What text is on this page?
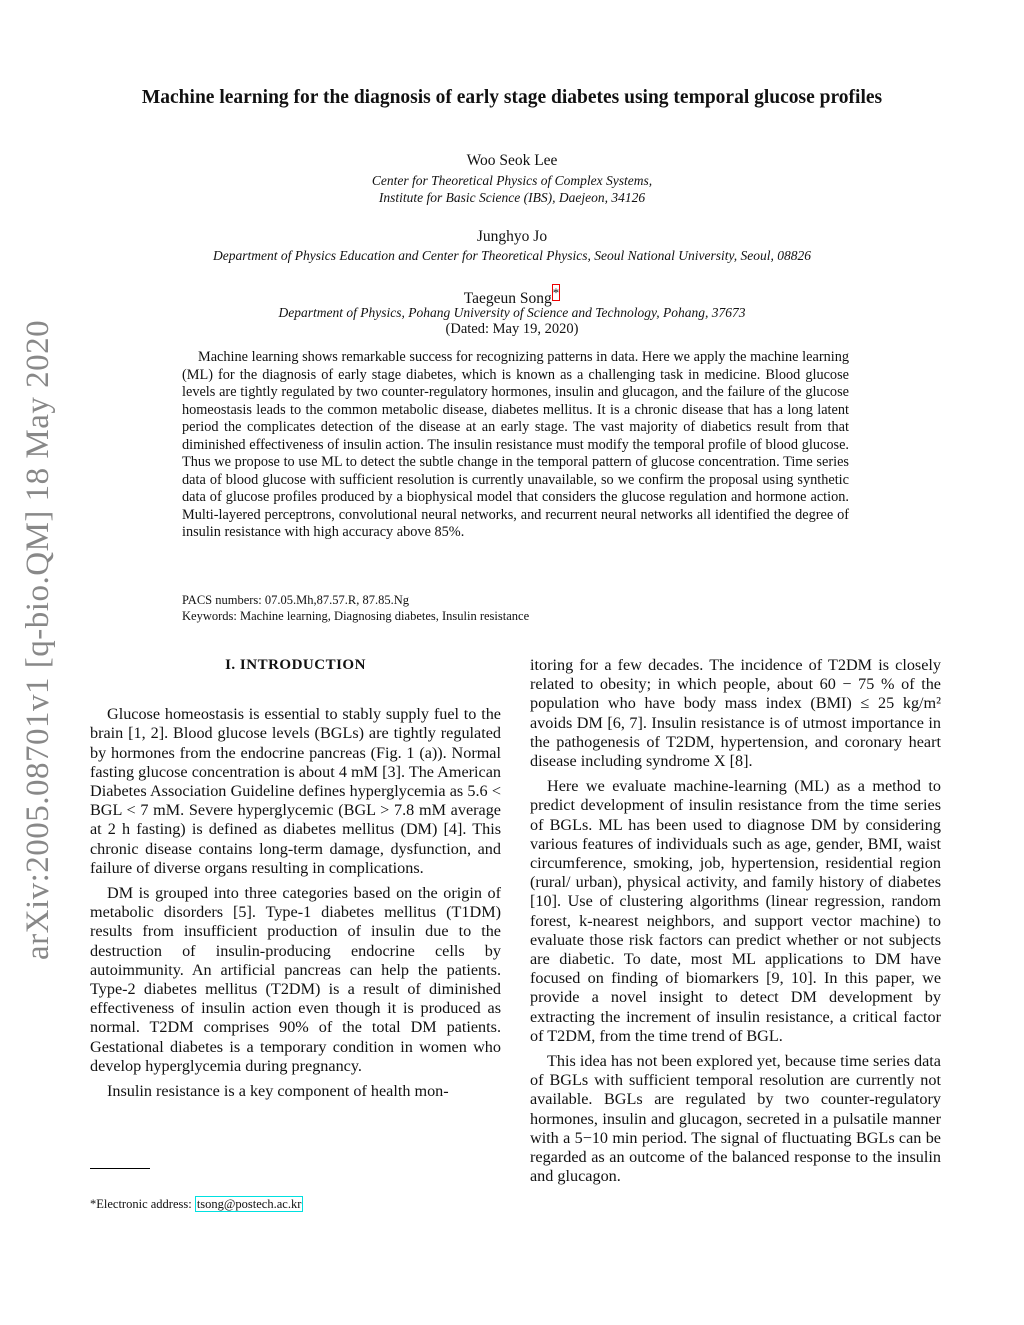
arXiv:2005.08701v1 [q-bio.QM] 18 May 2020
Machine learning for the diagnosis of early stage diabetes using temporal glucose profiles
Woo Seok Lee
Center for Theoretical Physics of Complex Systems,
Institute for Basic Science (IBS), Daejeon, 34126
Junghyo Jo
Department of Physics Education and Center for Theoretical Physics, Seoul National University, Seoul, 08826
Taegeun Song*
Department of Physics, Pohang University of Science and Technology, Pohang, 37673
(Dated: May 19, 2020)
Machine learning shows remarkable success for recognizing patterns in data. Here we apply the machine learning (ML) for the diagnosis of early stage diabetes, which is known as a challenging task in medicine. Blood glucose levels are tightly regulated by two counter-regulatory hormones, insulin and glucagon, and the failure of the glucose homeostasis leads to the common metabolic disease, diabetes mellitus. It is a chronic disease that has a long latent period the complicates detection of the disease at an early stage. The vast majority of diabetics result from that diminished effectiveness of insulin action. The insulin resistance must modify the temporal profile of blood glucose. Thus we propose to use ML to detect the subtle change in the temporal pattern of glucose concentration. Time series data of blood glucose with sufficient resolution is currently unavailable, so we confirm the proposal using synthetic data of glucose profiles produced by a biophysical model that considers the glucose regulation and hormone action. Multi-layered perceptrons, convolutional neural networks, and recurrent neural networks all identified the degree of insulin resistance with high accuracy above 85%.
PACS numbers: 07.05.Mh,87.57.R, 87.85.Ng
Keywords: Machine learning, Diagnosing diabetes, Insulin resistance
I. INTRODUCTION

Glucose homeostasis is essential to stably supply fuel to the brain [1, 2]. Blood glucose levels (BGLs) are tightly regulated by hormones from the endocrine pancreas (Fig. 1 (a)). Normal fasting glucose concentration is about 4 mM [3]. The American Diabetes Association Guideline defines hyperglycemia as 5.6 < BGL < 7 mM. Severe hyperglycemic (BGL > 7.8 mM average at 2 h fasting) is defined as diabetes mellitus (DM) [4]. This chronic disease contains long-term damage, dysfunction, and failure of diverse organs resulting in complications.

DM is grouped into three categories based on the origin of metabolic disorders [5]. Type-1 diabetes mellitus (T1DM) results from insufficient production of insulin due to the destruction of insulin-producing endocrine cells by autoimmunity. An artificial pancreas can help the patients. Type-2 diabetes mellitus (T2DM) is a result of diminished effectiveness of insulin action even though it is produced as normal. T2DM comprises 90% of the total DM patients. Gestational diabetes is a temporary condition in women who develop hyperglycemia during pregnancy.

Insulin resistance is a key component of health mon-

itoring for a few decades. The incidence of T2DM is closely related to obesity; in which people, about 60 − 75 % of the population who have body mass index (BMI) ≤ 25 kg/m² avoids DM [6, 7]. Insulin resistance is of utmost importance in the pathogenesis of T2DM, hypertension, and coronary heart disease including syndrome X [8].

Here we evaluate machine-learning (ML) as a method to predict development of insulin resistance from the time series of BGLs. ML has been used to diagnose DM by considering various features of individuals such as age, gender, BMI, waist circumference, smoking, job, hypertension, residential region (rural/ urban), physical activity, and family history of diabetes [10]. Use of clustering algorithms (linear regression, random forest, k-nearest neighbors, and support vector machine) to evaluate those risk factors can predict whether or not subjects are diabetic. To date, most ML applications to DM have focused on finding of biomarkers [9, 10]. In this paper, we provide a novel insight to detect DM development by extracting the increment of insulin resistance, a critical factor of T2DM, from the time trend of BGL.

This idea has not been explored yet, because time series data of BGLs with sufficient temporal resolution are currently not available. BGLs are regulated by two counter-regulatory hormones, insulin and glucagon, secreted in a pulsatile manner with a 5−10 min period. The signal of fluctuating BGLs can be regarded as an outcome of the balanced response to the insulin and glucagon.

*Electronic address: tsong@postech.ac.kr
